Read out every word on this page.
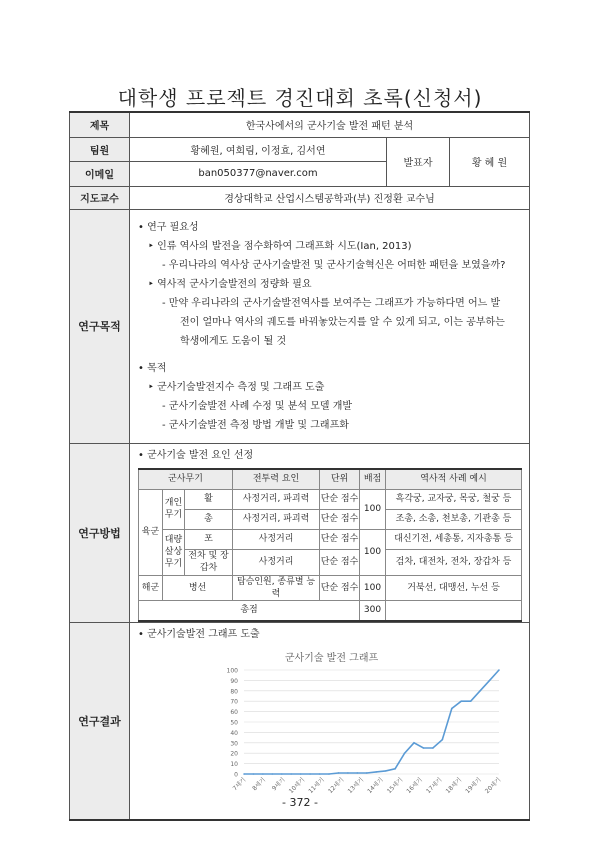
대학생 프로젝트 경진대회 초록(신청서)
제목	한국사에서의 군사기술 발전 패턴 분석
팀원	황혜원, 여희림, 이정효, 김서연	발표자	황 혜 원
이메일	ban050377@naver.com
지도교수	경상대학교 산업시스템공학과(부) 진정환 교수님
연구목적	
• 연구 필요성
‣ 인류 역사의 발전을 점수화하여 그래프화 시도(Ian, 2013)
- 우리나라의 역사상 군사기술발전 및 군사기술혁신은 어떠한 패턴을 보였을까?
‣ 역사적 군사기술발전의 정량화 필요
- 만약 우리나라의 군사기술발전역사를 보여주는 그래프가 가능하다면 어느 발
전이 얼마나 역사의 궤도를 바꿔놓았는지를 알 수 있게 되고, 이는 공부하는
학생에게도 도움이 될 것
• 목적
‣ 군사기술발전지수 측정 및 그래프 도출
- 군사기술발전 사례 수정 및 분석 모델 개발
- 군사기술발전 측정 방법 개발 및 그래프화

연구방법	
• 군사기술 발전 요인 선정
군사무기	전투력 요인	단위	배점	역사적 사례 예시
육군	개인 무기	활	사정거리, 파괴력	단순 점수	100	흑각궁, 교자궁, 목궁, 철궁 등
총	사정거리, 파괴력	단순 점수	조총, 소총, 천보총, 기관총 등
대량 살상 무기	포	사정거리	단순 점수	100	대신기전, 세총통, 지자총통 등
전차 및 장갑차	사정거리	단순 점수	검차, 대전차, 전차, 장갑차 등
해군	병선	탑승인원, 종류별 능력	단순 점수	100	거북선, 대맹선, 누선 등
총점	300	

연구결과	
• 군사기술발전 그래프 도출
군사기술 발전 그래프
0
10
20
30
40
50
60
70
80
90
100
7세기 8세기 9세기 10세기 11세기 12세기 13세기 14세기 15세기 16세기 17세기 18세기 19세기 20세기
- 372 -
